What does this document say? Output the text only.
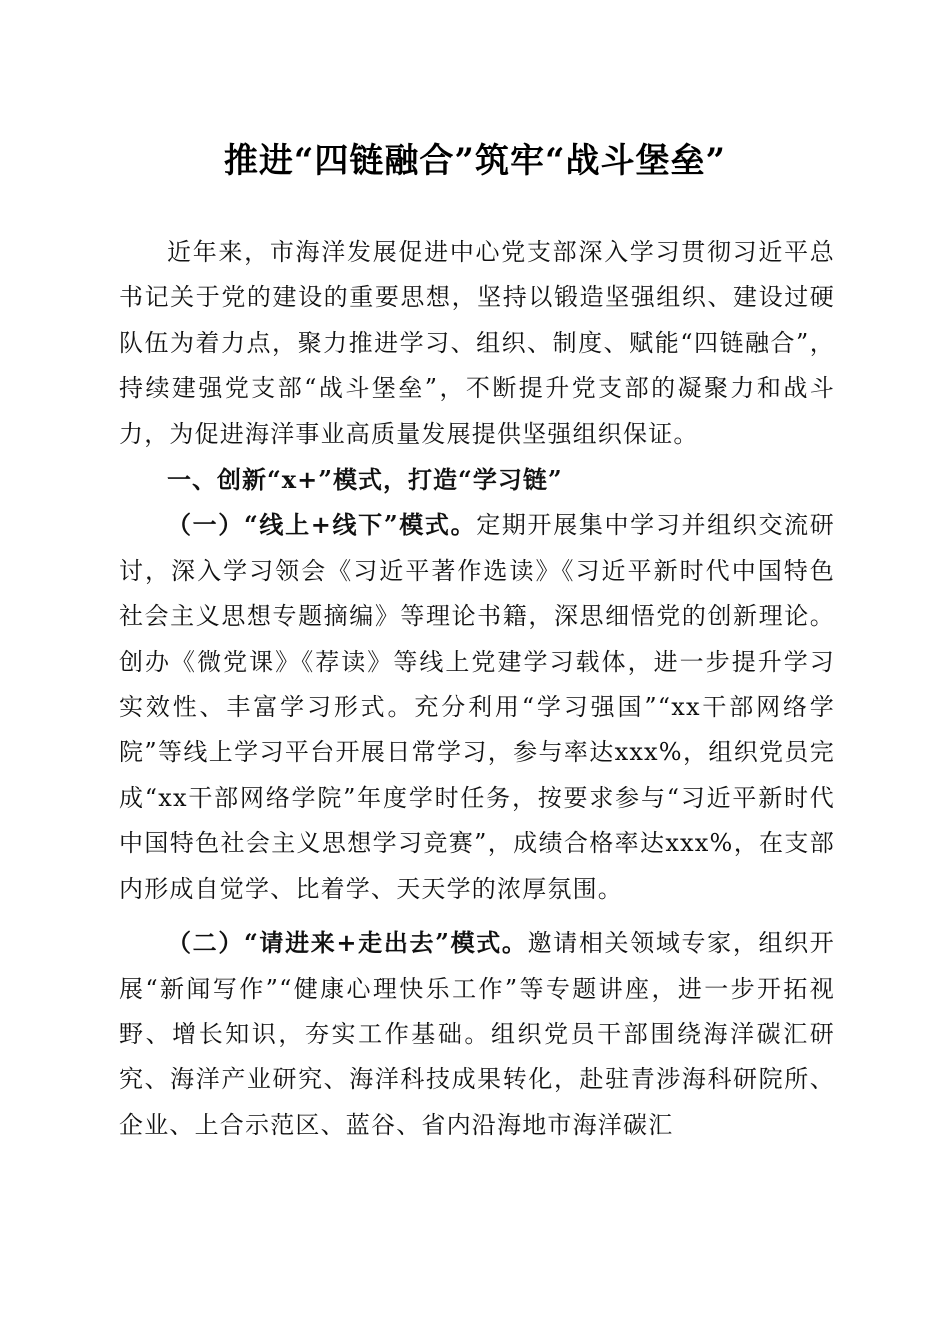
推进“四链融合”筑牢“战斗堡垒”

近年来，市海洋发展促进中心党支部深入学习贯彻习近平总书记关于党的建设的重要思想，坚持以锻造坚强组织、建设过硬队伍为着力点，聚力推进学习、组织、制度、赋能“四链融合”，持续建强党支部“战斗堡垒”，不断提升党支部的凝聚力和战斗力，为促进海洋事业高质量发展提供坚强组织保证。

一、创新“x+”模式，打造“学习链”

（一）“线上+线下”模式。定期开展集中学习并组织交流研讨，深入学习领会《习近平著作选读》《习近平新时代中国特色社会主义思想专题摘编》等理论书籍，深思细悟党的创新理论。创办《微党课》《荐读》等线上党建学习载体，进一步提升学习实效性、丰富学习形式。充分利用“学习强国”“xx干部网络学院”等线上学习平台开展日常学习，参与率达xxx%，组织党员完成“xx干部网络学院”年度学时任务，按要求参与“习近平新时代中国特色社会主义思想学习竞赛”，成绩合格率达xxx%，在支部内形成自觉学、比着学、天天学的浓厚氛围。

（二）“请进来+走出去”模式。邀请相关领域专家，组织开展“新闻写作”“健康心理快乐工作”等专题讲座，进一步开拓视野、增长知识，夯实工作基础。组织党员干部围绕海洋碳汇研究、海洋产业研究、海洋科技成果转化，赴驻青涉海科研院所、企业、上合示范区、蓝谷、省内沿海地市海洋碳汇
